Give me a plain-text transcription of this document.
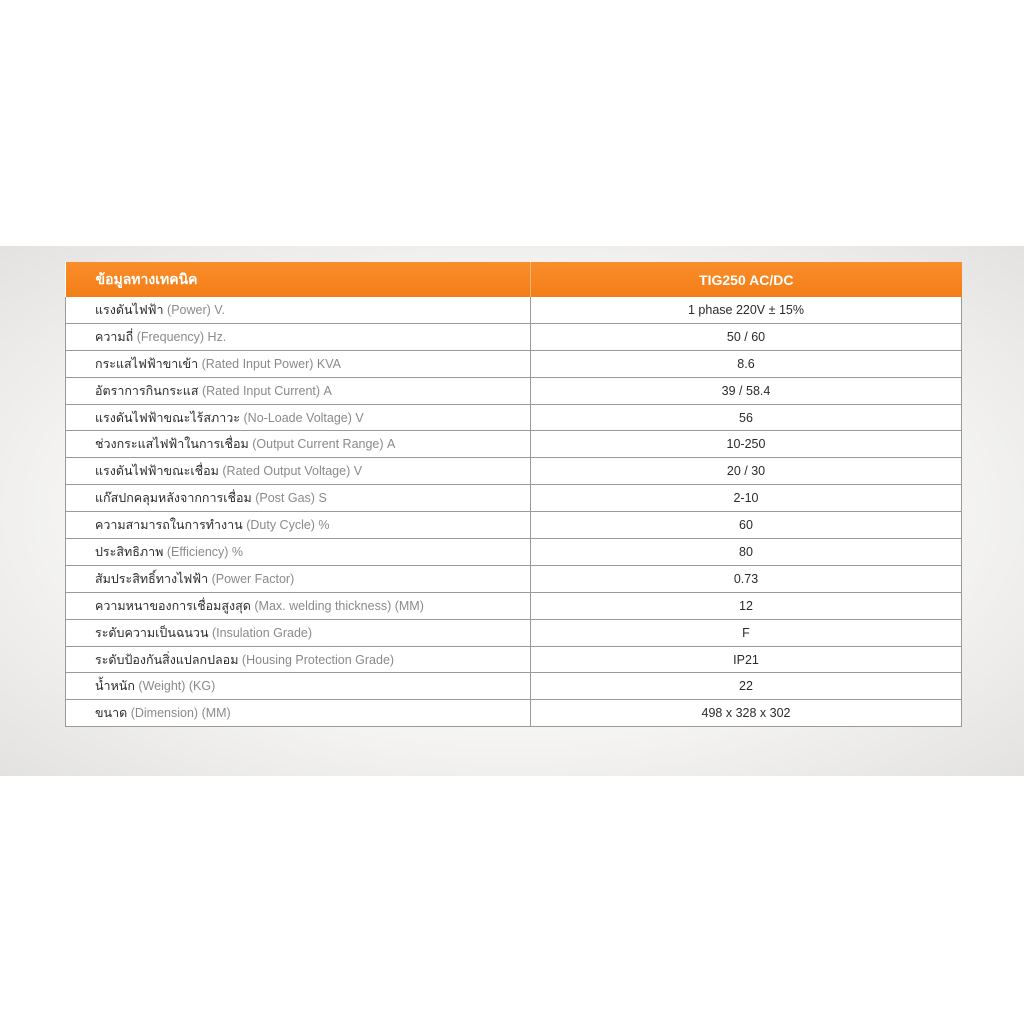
ข้อมูลทางเทคนิค	TIG250 AC/DC
แรงดันไฟฟ้า (Power) V.	1 phase 220V ± 15%
ความถี่ (Frequency) Hz.	50 / 60
กระแสไฟฟ้าขาเข้า (Rated Input Power) KVA	8.6
อัตราการกินกระแส (Rated Input Current) A	39 / 58.4
แรงดันไฟฟ้าขณะไร้สภาวะ (No-Loade Voltage) V	56
ช่วงกระแสไฟฟ้าในการเชื่อม (Output Current Range) A	10-250
แรงดันไฟฟ้าขณะเชื่อม (Rated Output Voltage) V	20 / 30
แก๊สปกคลุมหลังจากการเชื่อม (Post Gas) S	2-10
ความสามารถในการทำงาน (Duty Cycle) %	60
ประสิทธิภาพ (Efficiency) %	80
สัมประสิทธิ์ทางไฟฟ้า (Power Factor)	0.73
ความหนาของการเชื่อมสูงสุด (Max. welding thickness) (MM)	12
ระดับความเป็นฉนวน (Insulation Grade)	F
ระดับป้องกันสิ่งแปลกปลอม (Housing Protection Grade)	IP21
น้ำหนัก (Weight) (KG)	22
ขนาด (Dimension) (MM)	498 x 328 x 302
